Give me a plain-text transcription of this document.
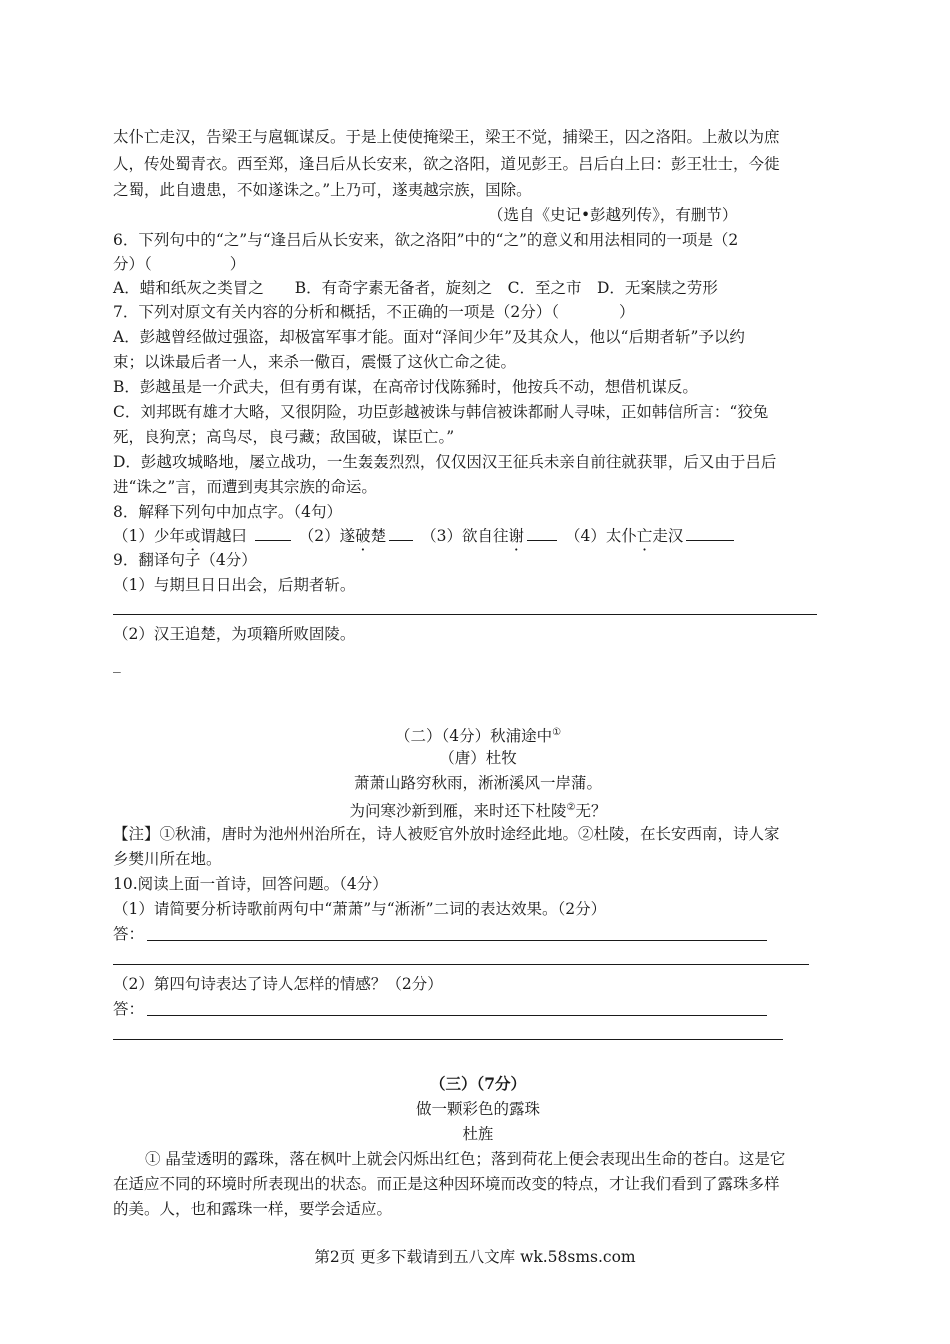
太仆亡走汉，告梁王与扈辄谋反。于是上使使掩梁王，梁王不觉，捕梁王，囚之洛阳。上赦以为庶
人，传处蜀青衣。西至郑，逢吕后从长安来，欲之洛阳，道见彭王。吕后白上曰：彭王壮士，今徙
之蜀，此自遗患，不如遂诛之。”上乃可，遂夷越宗族，国除。
（选自《史记•彭越列传》，有删节）
6．下列句中的“之”与“逢吕后从长安来，欲之洛阳”中的“之”的意义和用法相同的一项是（2
分）（	）
A．蜡和纸灰之类冒之　　B．有奇字素无备者，旋刻之　C．至之市　D．无案牍之劳形
7．下列对原文有关内容的分析和概括，不正确的一项是（2分）（	）
A．彭越曾经做过强盗，却极富军事才能。面对“泽间少年”及其众人，他以“后期者斩”予以约
束；以诛最后者一人，来杀一儆百，震慑了这伙亡命之徒。
B．彭越虽是一介武夫，但有勇有谋，在高帝讨伐陈豨时，他按兵不动，想借机谋反。
C．刘邦既有雄才大略，又很阴险，功臣彭越被诛与韩信被诛都耐人寻味，正如韩信所言：“狡兔
死，良狗烹；高鸟尽，良弓藏；敌国破，谋臣亡。”
D．彭越攻城略地，屡立战功，一生轰轰烈烈，仅仅因汉王征兵未亲自前往就获罪，后又由于吕后
进“诛之”言，而遭到夷其宗族的命运。
8．解释下列句中加点字。（4句）
（1）少年或谓越曰	（2）遂破楚 （3）欲自往谢	（4）太仆亡走汉
9．翻译句子（4分）
（1）与期旦日日出会，后期者斩。
（2）汉王追楚，为项籍所败固陵。
_
（二）（4分）秋浦途中①
（唐）杜牧
萧萧山路穷秋雨，淅淅溪风一岸蒲。
为问寒沙新到雁，来时还下杜陵②无？
【注】①秋浦，唐时为池州州治所在，诗人被贬官外放时途经此地。②杜陵，在长安西南，诗人家
乡樊川所在地。
10.阅读上面一首诗，回答问题。（4分）
（1）请简要分析诗歌前两句中“萧萧”与“淅淅”二词的表达效果。（2分）
答：
（2）第四句诗表达了诗人怎样的情感？（2分）
答：
（三）（7分）
做一颗彩色的露珠
杜旌
① 晶莹透明的露珠，落在枫叶上就会闪烁出红色；落到荷花上便会表现出生命的苍白。这是它
在适应不同的环境时所表现出的状态。而正是这种因环境而改变的特点，才让我们看到了露珠多样
的美。人，也和露珠一样，要学会适应。
第2页 更多下载请到五八文库 wk.58sms.com
